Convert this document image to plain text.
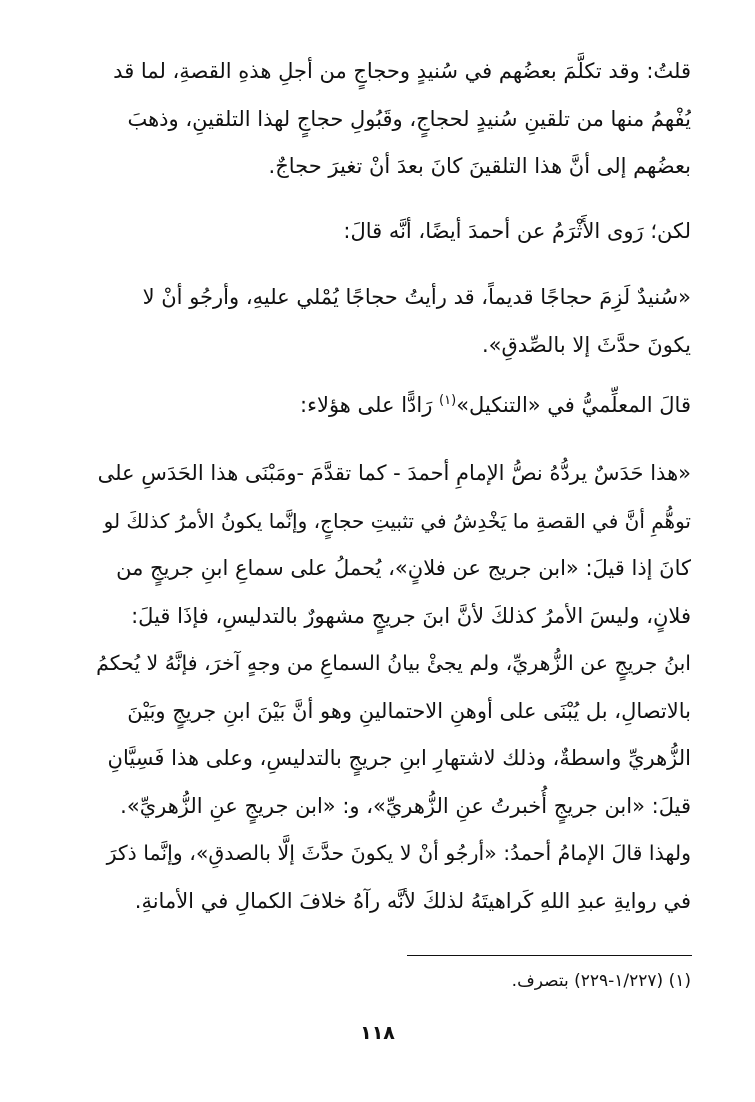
قلتُ: وقد تكلَّمَ بعضُهم في سُنيدٍ وحجاجٍ من أجلِ هذهِ القصةِ، لما قد
يُفْهمُ منها من تلقينِ سُنيدٍ لحجاجٍ، وقَبُولِ حجاجٍ لهذا التلقينِ، وذهبَ
بعضُهم إلى أنَّ هذا التلقينَ كانَ بعدَ أنْ تغيرَ حجاجٌ.

لكن؛ رَوى الأَثْرَمُ عن أحمدَ أيضًا، أنَّه قالَ:

«سُنيدٌ لَزِمَ حجاجًا قديماً، قد رأيتُ حجاجًا يُمْلي عليهِ، وأرجُو أنْ لا
يكونَ حدَّثَ إلا بالصِّدقِ».

قالَ المعلِّميُّ في «التنكيل»$^{(١)}$ رَادًّا على هؤلاء:

«هذا حَدَسٌ يردُّهُ نصُّ الإمامِ أحمدَ - كما تقدَّمَ -ومَبْنَى هذا الحَدَسِ على
توهُّمِ أنَّ في القصةِ ما يَخْدِشُ في تثبيتِ حجاجٍ، وإنَّما يكونُ الأمرُ كذلكَ لو
كانَ إذا قيلَ: «ابن جريج عن فلانٍ»، يُحملُ على سماعِ ابنِ جريجٍ من
فلانٍ، وليسَ الأمرُ كذلكَ لأنَّ ابنَ جريجٍ مشهورٌ بالتدليسِ، فإذَا قيلَ:
ابنُ جريجٍ عن الزُّهريِّ، ولم يجئْ بيانُ السماعِ من وجهٍ آخرَ، فإنَّهُ لا يُحكمُ
بالاتصالِ، بل يُبْنَى على أوهنِ الاحتمالينِ وهو أنَّ بَيْنَ ابنِ جريجٍ وبَيْنَ
الزُّهريِّ واسطةٌ، وذلك لاشتهارِ ابنِ جريجٍ بالتدليسِ، وعلى هذا فَسِيَّانِ
قيلَ: «ابن جريجٍ أُخبرتُ عنِ الزُّهريِّ»، و: «ابن جريجٍ عنِ الزُّهريِّ».
ولهذا قالَ الإمامُ أحمدُ: «أرجُو أنْ لا يكونَ حدَّثَ إلَّا بالصدقِ»، وإنَّما ذكرَ
في روايةِ عبدِ اللهِ كَراهيتَهُ لذلكَ لأنَّه رآهُ خلافَ الكمالِ في الأمانةِ.

(١) (١/٢٢٧-٢٢٩) بتصرف.
١١٨
